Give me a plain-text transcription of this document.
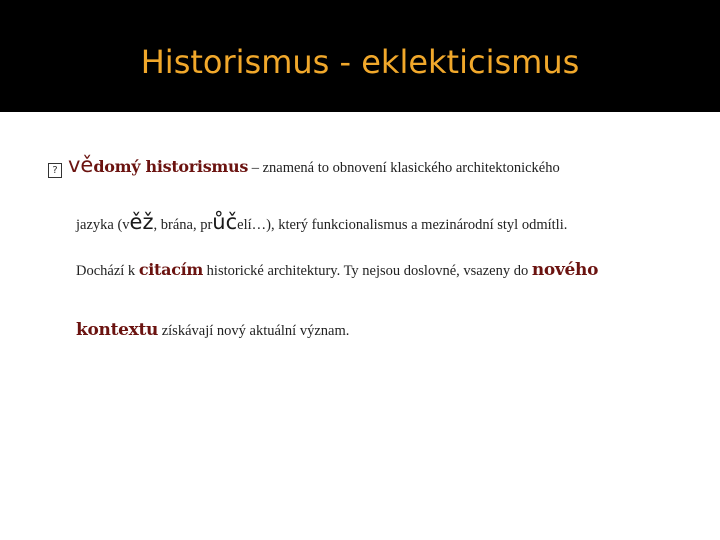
Historismus - eklekticismus
? vědomý historismus – znamená to obnovení klasického architektonického
jazyka (věž, brána, průčelí…), který funkcionalismus a mezinárodní styl odmítli.
Dochází k citacím historické architektury. Ty nejsou doslovné, vsazeny do nového
kontextu získávají nový aktuální význam.
